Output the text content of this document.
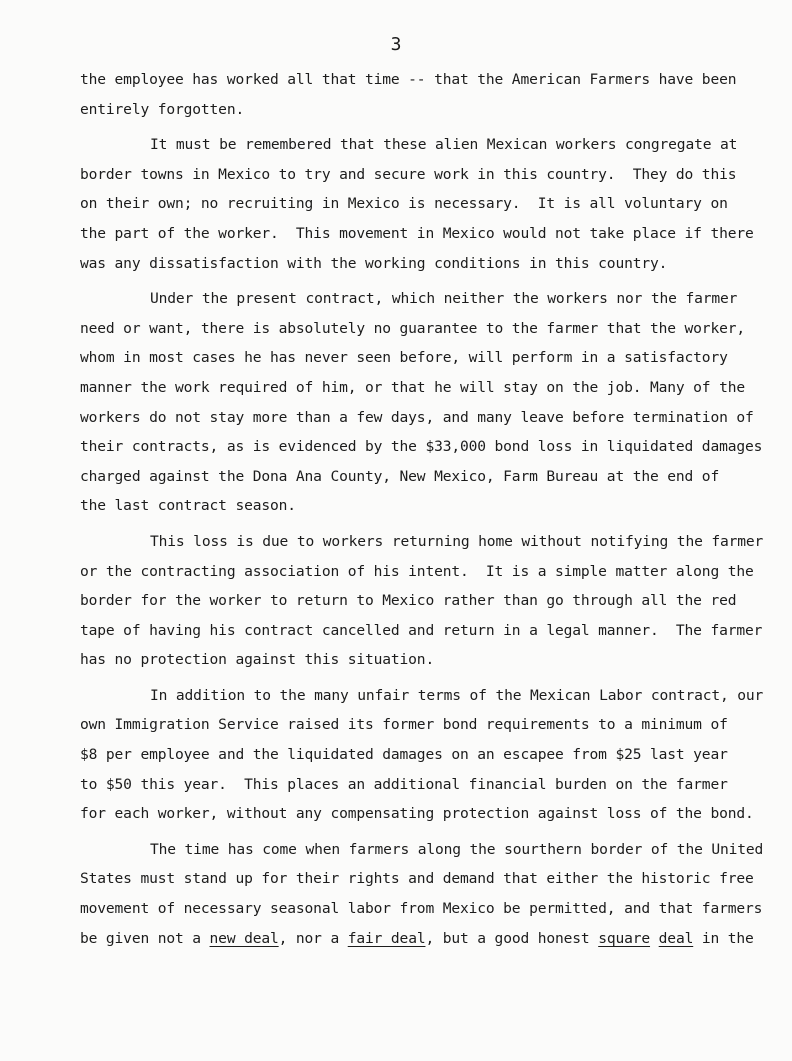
3
the employee has worked all that time -- that the American Farmers have been
entirely forgotten.
It must be remembered that these alien Mexican workers congregate at
border towns in Mexico to try and secure work in this country.  They do this
on their own; no recruiting in Mexico is necessary.  It is all voluntary on
the part of the worker.  This movement in Mexico would not take place if there
was any dissatisfaction with the working conditions in this country.
Under the present contract, which neither the workers nor the farmer
need or want, there is absolutely no guarantee to the farmer that the worker,
whom in most cases he has never seen before, will perform in a satisfactory
manner the work required of him, or that he will stay on the job. Many of the
workers do not stay more than a few days, and many leave before termination of
their contracts, as is evidenced by the $33,000 bond loss in liquidated damages
charged against the Dona Ana County, New Mexico, Farm Bureau at the end of
the last contract season.
This loss is due to workers returning home without notifying the farmer
or the contracting association of his intent.  It is a simple matter along the
border for the worker to return to Mexico rather than go through all the red
tape of having his contract cancelled and return in a legal manner.  The farmer
has no protection against this situation.
In addition to the many unfair terms of the Mexican Labor contract, our
own Immigration Service raised its former bond requirements to a minimum of
$8 per employee and the liquidated damages on an escapee from $25 last year
to $50 this year.  This places an additional financial burden on the farmer
for each worker, without any compensating protection against loss of the bond.
The time has come when farmers along the sourthern border of the United
States must stand up for their rights and demand that either the historic free
movement of necessary seasonal labor from Mexico be permitted, and that farmers
be given not a new deal, nor a fair deal, but a good honest square deal in the
